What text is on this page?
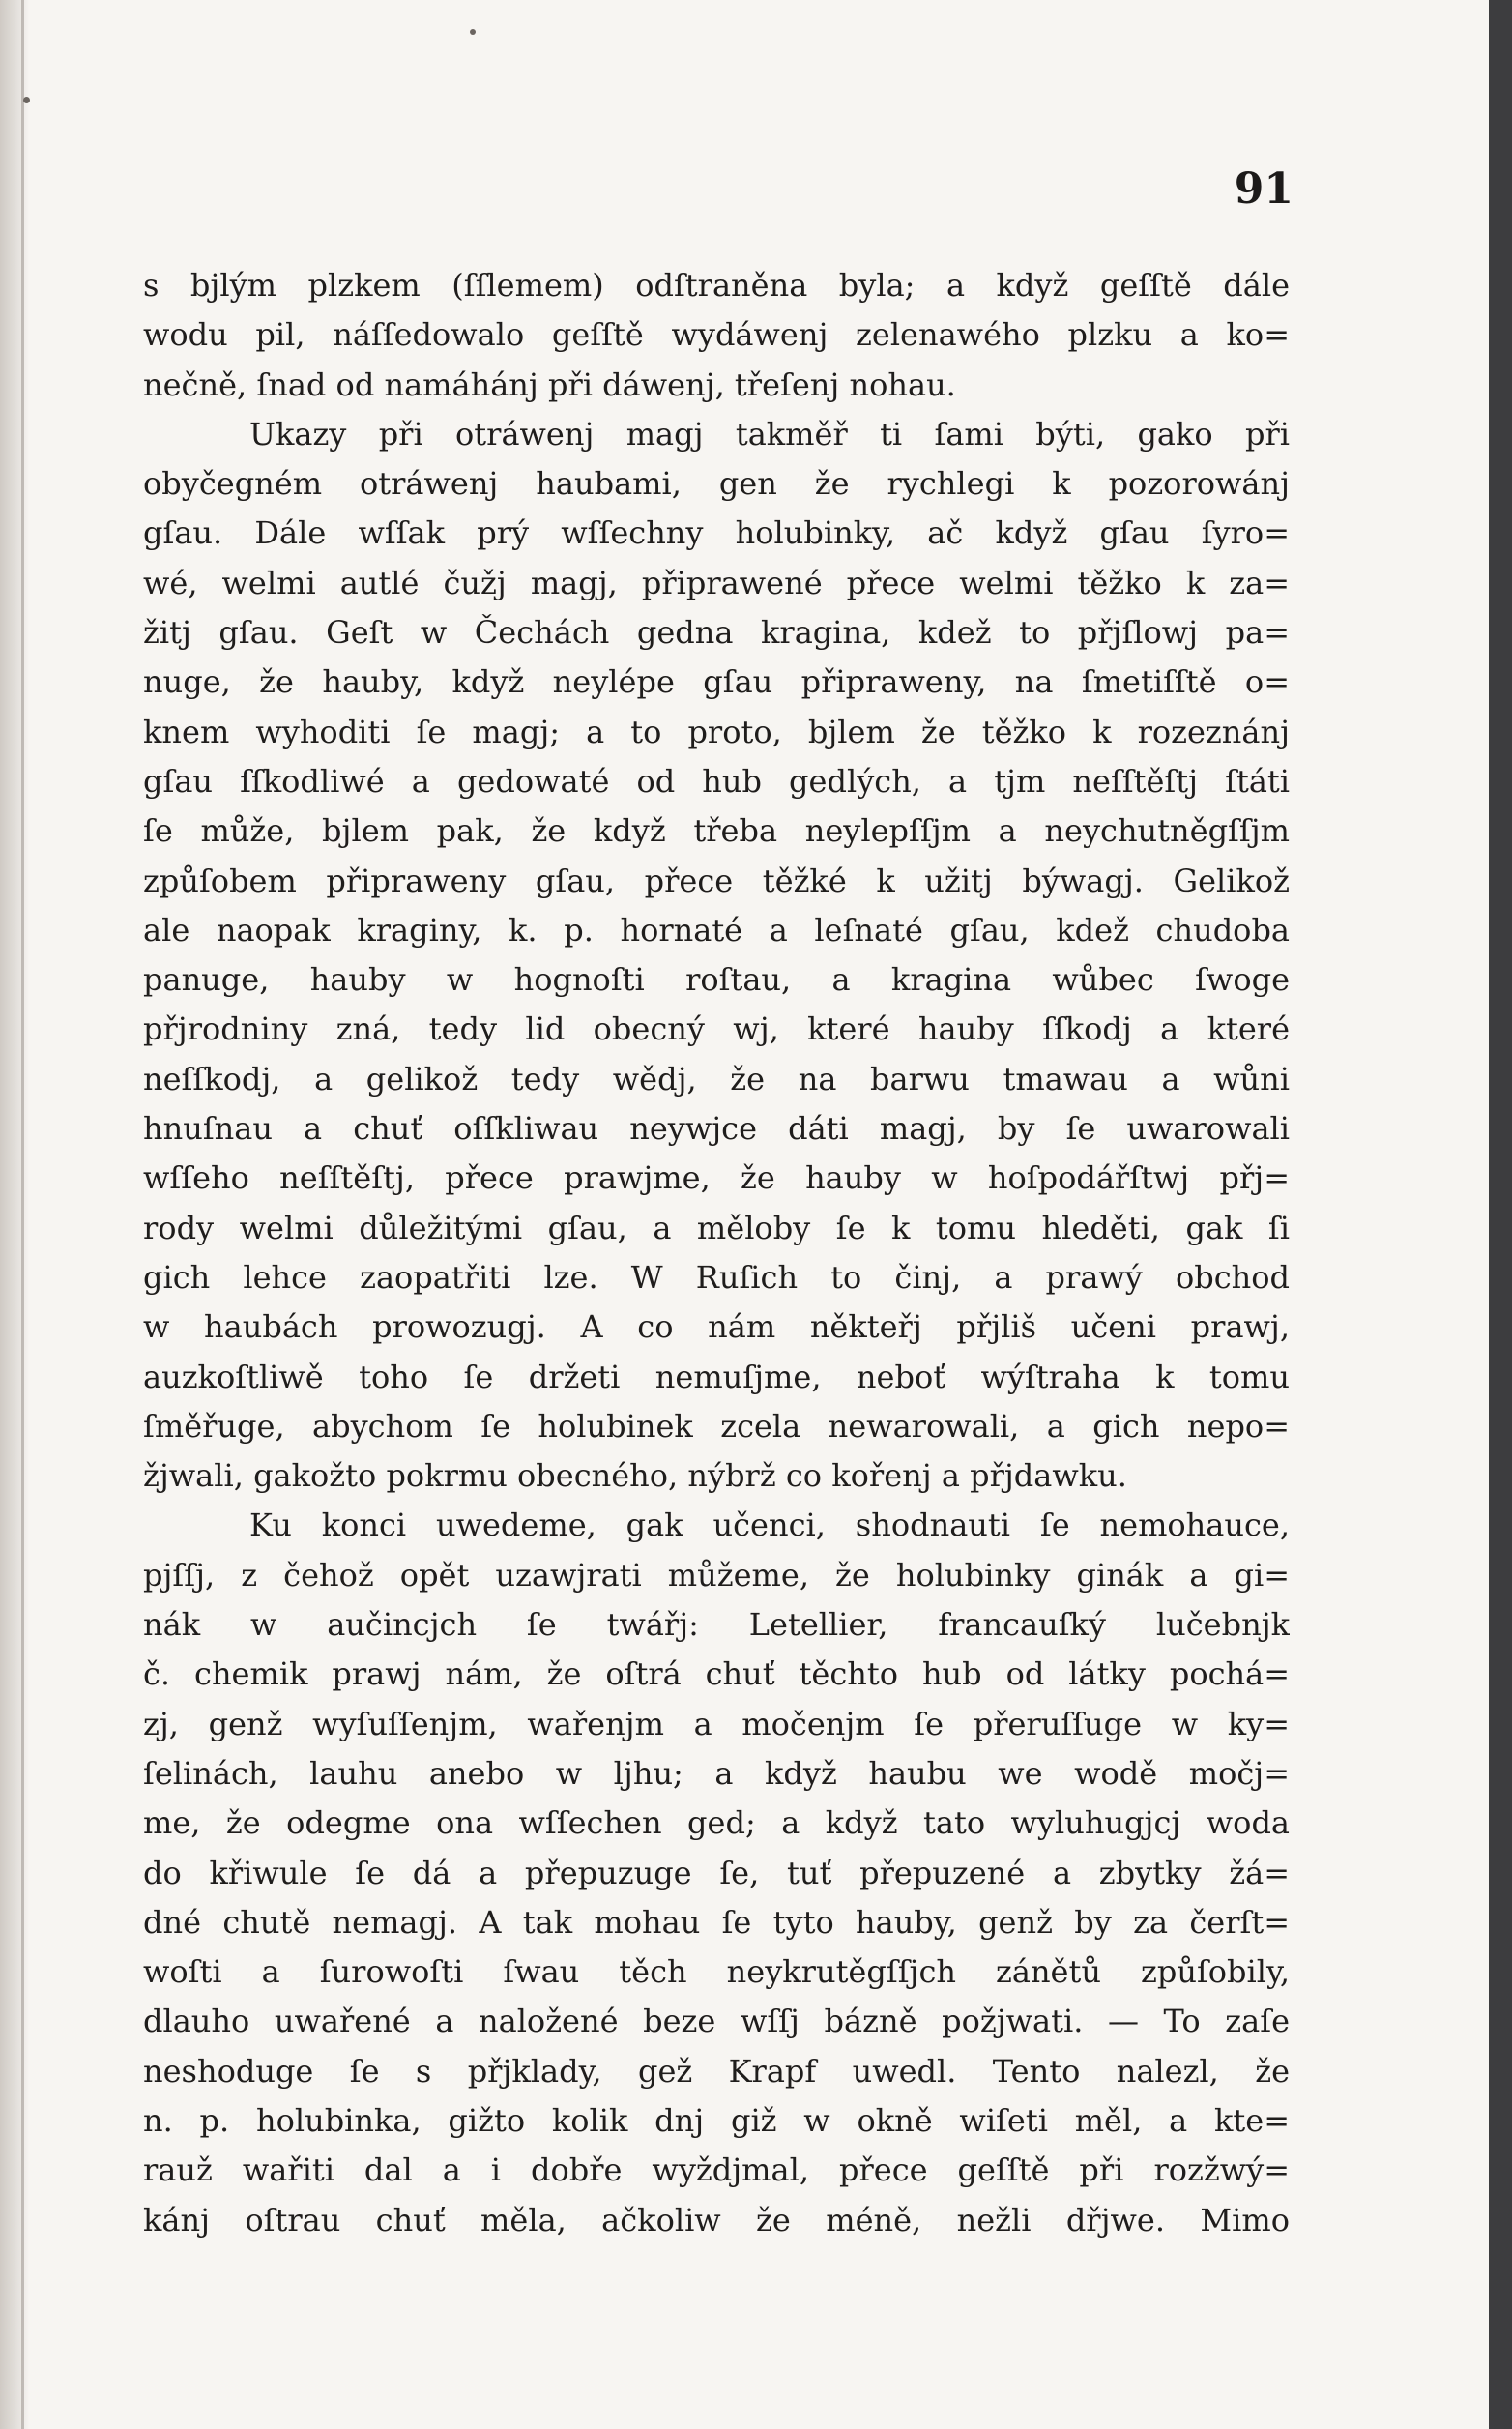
91
s bjlým plzkem (ſſlemem) odſtraněna byla; a když geſſtě dále
wodu pil, náſſedowalo geſſtě wydáwenj zelenawého plzku a ko=
nečně, ſnad od namáhánj při dáwenj, třeſenj nohau.
Ukazy při otráwenj magj takměř ti ſami býti, gako při
obyčegném otráwenj haubami, gen že rychlegi k pozorowánj
gſau. Dále wſſak prý wſſechny holubinky, ač když gſau ſyro=
wé, welmi autlé čužj magj, připrawené přece welmi těžko k za=
žitj gſau. Geſt w Čechách gedna kragina, kdež to přjſlowj pa=
nuge, že hauby, když neylépe gſau připraweny, na ſmetiſſtě o=
knem wyhoditi ſe magj; a to proto, bjlem že těžko k rozeznánj
gſau ſſkodliwé a gedowaté od hub gedlých, a tjm neſſtěſtj ſtáti
ſe může, bjlem pak, že když třeba neylepſſjm a neychutněgſſjm
způſobem připraweny gſau, přece těžké k užitj býwagj. Gelikož
ale naopak kraginy, k. p. hornaté a leſnaté gſau, kdež chudoba
panuge, hauby w hognoſti roſtau, a kragina wůbec ſwoge
přjrodniny zná, tedy lid obecný wj, které hauby ſſkodj a které
neſſkodj, a gelikož tedy wědj, že na barwu tmawau a wůni
hnuſnau a chuť oſſkliwau neywjce dáti magj, by ſe uwarowali
wſſeho neſſtěſtj, přece prawjme, že hauby w hoſpodářſtwj přj=
rody welmi důležitými gſau, a měloby ſe k tomu hleděti, gak ſi
gich lehce zaopatřiti lze. W Ruſich to činj, a prawý obchod
w haubách prowozugj. A co nám někteřj přjliš učeni prawj,
auzkoſtliwě toho ſe držeti nemuſjme, neboť wýſtraha k tomu
ſměřuge, abychom ſe holubinek zcela newarowali, a gich nepo=
žjwali, gakožto pokrmu obecného, nýbrž co kořenj a přjdawku.
Ku konci uwedeme, gak učenci, shodnauti ſe nemohauce,
pjſſj, z čehož opět uzawjrati můžeme, že holubinky ginák a gi=
nák w aučincjch ſe twářj: Letellier, francauſký lučebnjk
č. chemik prawj nám, že oſtrá chuť těchto hub od látky pochá=
zj, genž wyſuſſenjm, wařenjm a močenjm ſe přeruſſuge w ky=
ſelinách, lauhu anebo w ljhu; a když haubu we wodě močj=
me, že odegme ona wſſechen ged; a když tato wyluhugjcj woda
do křiwule ſe dá a přepuzuge ſe, tuť přepuzené a zbytky žá=
dné chutě nemagj. A tak mohau ſe tyto hauby, genž by za čerſt=
woſti a ſurowoſti ſwau těch neykrutěgſſjch zánětů způſobily,
dlauho uwařené a naložené beze wſſj bázně požjwati. — To zaſe
neshoduge ſe s přjklady, gež Krapf uwedl. Tento nalezl, že
n. p. holubinka, gižto kolik dnj giž w okně wiſeti měl, a kte=
rauž wařiti dal a i dobře wyždjmal, přece geſſtě při rozžwý=
kánj oſtrau chuť měla, ačkoliw že méně, nežli dřjwe. Mimo
